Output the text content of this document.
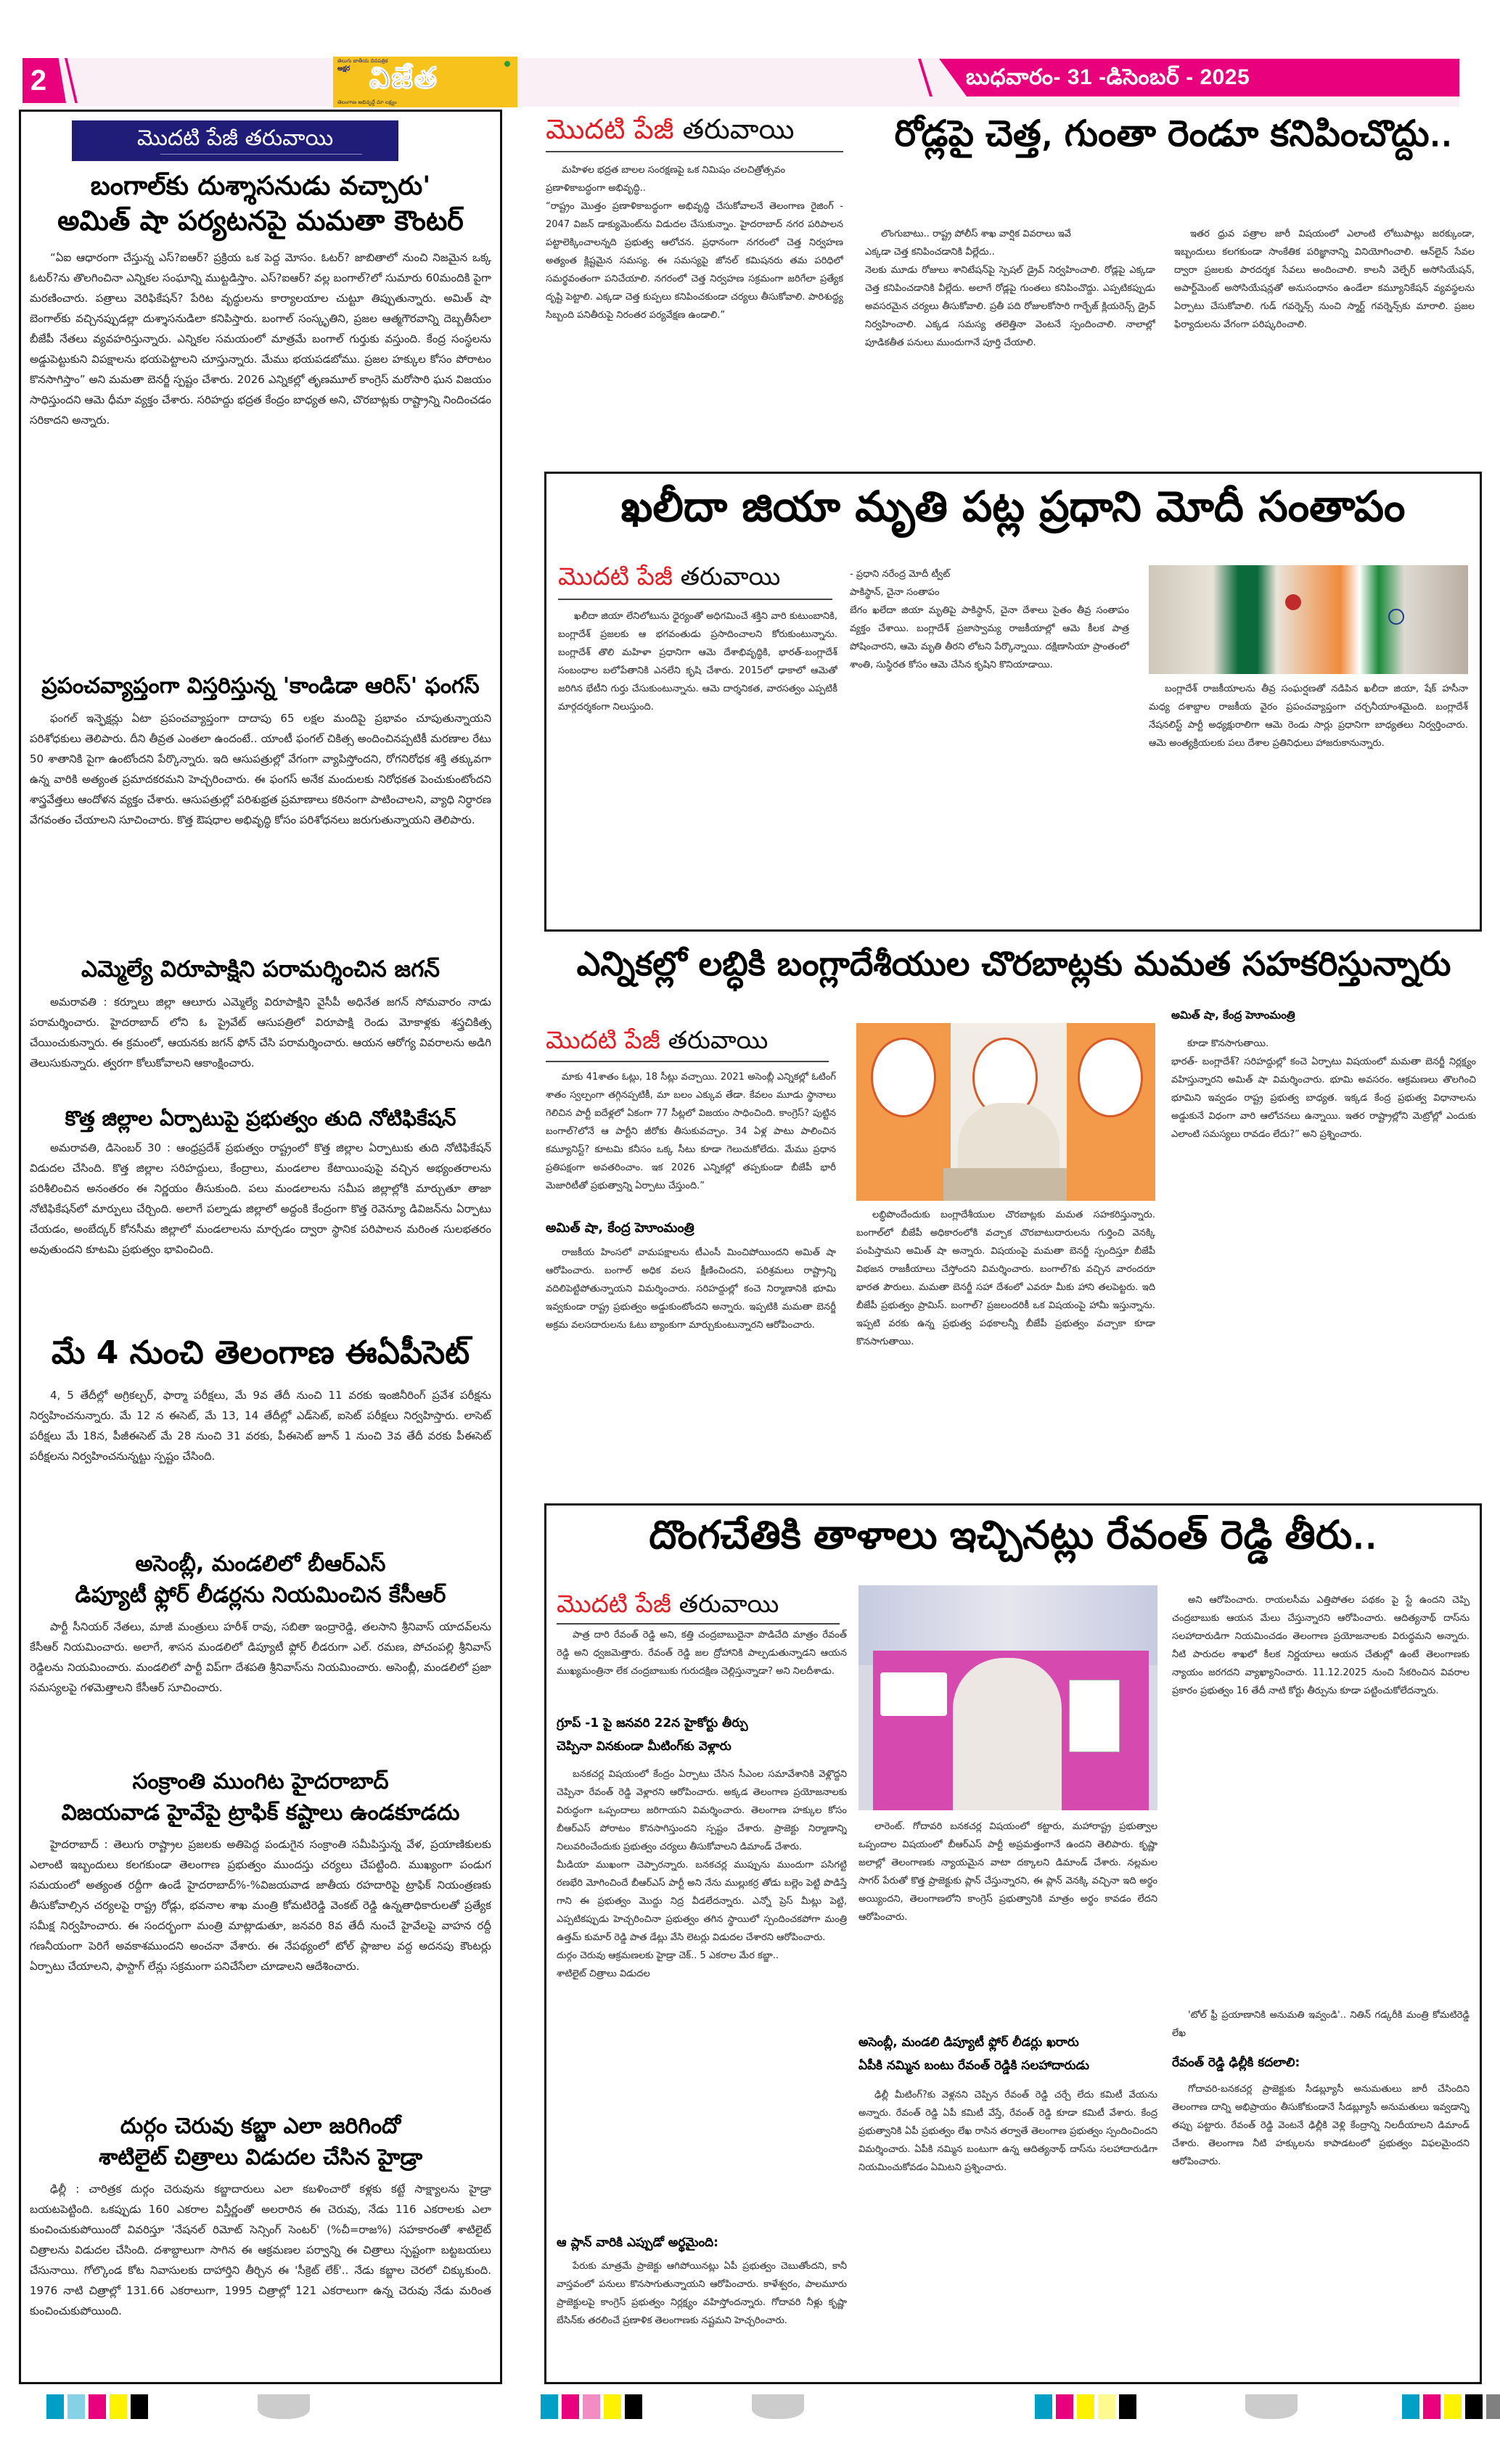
2
తెలుగు జాతీయ దినపత్రిక
అక్షర విజేత
తెలంగాణ అభివృద్ధే మా లక్ష్యం
బుధవారం- 31 -డిసెంబర్ - 2025
మొదటి పేజీ తరువాయి
బంగాల్‌కు దుశ్శాసనుడు వచ్చారు'
అమిత్ షా పర్యటనపై మమతా కౌంటర్

“ఏఐ ఆధారంగా చేస్తున్న ఎస్?ఐఆర్? ప్రక్రియ ఒక పెద్ద మోసం. ఓటర్? జాబితాలో నుంచి నిజమైన ఒక్క ఓటర్?ను తొలగించినా ఎన్నికల సంఘాన్ని ముట్టడిస్తాం. ఎస్?ఐఆర్? వల్ల బంగాల్?లో సుమారు 60మందికి పైగా మరణించారు. పత్రాలు వెరిఫికేషన్? పేరిట వృద్ధులను కార్యాలయాల చుట్టూ తిప్పుతున్నారు. అమిత్ షా బెంగాల్‌కు వచ్చినప్పుడల్లా దుశ్శాసనుడిలా కనిపిస్తారు. బంగాల్ సంస్కృతిని, ప్రజల ఆత్మగౌరవాన్ని దెబ్బతీసేలా బీజేపీ నేతలు వ్యవహరిస్తున్నారు. ఎన్నికల సమయంలో మాత్రమే బంగాల్ గుర్తుకు వస్తుంది. కేంద్ర సంస్థలను అడ్డుపెట్టుకుని విపక్షాలను భయపెట్టాలని చూస్తున్నారు. మేము భయపడబోము. ప్రజల హక్కుల కోసం పోరాటం కొనసాగిస్తాం” అని మమతా బెనర్జీ స్పష్టం చేశారు. 2026 ఎన్నికల్లో తృణమూల్ కాంగ్రెస్ మరోసారి ఘన విజయం సాధిస్తుందని ఆమె ధీమా వ్యక్తం చేశారు. సరిహద్దు భద్రత కేంద్రం బాధ్యత అని, చొరబాట్లకు రాష్ట్రాన్ని నిందించడం సరికాదని అన్నారు.

ప్రపంచవ్యాప్తంగా విస్తరిస్తున్న 'కాండిడా ఆరిస్' ఫంగస్

ఫంగల్ ఇన్ఫెక్షన్లు ఏటా ప్రపంచవ్యాప్తంగా దాదాపు 65 లక్షల మందిపై ప్రభావం చూపుతున్నాయని పరిశోధకులు తెలిపారు. దీని తీవ్రత ఎంతలా ఉందంటే.. యాంటీ ఫంగల్ చికిత్స అందించినప్పటికీ మరణాల రేటు 50 శాతానికి పైగా ఉంటోందని పేర్కొన్నారు. ఇది ఆసుపత్రుల్లో వేగంగా వ్యాపిస్తోందని, రోగనిరోధక శక్తి తక్కువగా ఉన్న వారికి అత్యంత ప్రమాదకరమని హెచ్చరించారు. ఈ ఫంగస్ అనేక మందులకు నిరోధకత పెంచుకుంటోందని శాస్త్రవేత్తలు ఆందోళన వ్యక్తం చేశారు. ఆసుపత్రుల్లో పరిశుభ్రత ప్రమాణాలు కఠినంగా పాటించాలని, వ్యాధి నిర్ధారణ వేగవంతం చేయాలని సూచించారు. కొత్త ఔషధాల అభివృద్ధి కోసం పరిశోధనలు జరుగుతున్నాయని తెలిపారు.

ఎమ్మెల్యే విరూపాక్షిని పరామర్శించిన జగన్

అమరావతి : కర్నూలు జిల్లా ఆలూరు ఎమ్మెల్యే విరూపాక్షిని వైసీపీ అధినేత జగన్ సోమవారం నాడు పరామర్శించారు. హైదరాబాద్ లోని ఓ ప్రైవేట్ ఆసుపత్రిలో విరూపాక్షి రెండు మోకాళ్లకు శస్త్రచికిత్స చేయించుకున్నారు. ఈ క్రమంలో, ఆయనకు జగన్ ఫోన్ చేసి పరామర్శించారు. ఆయన ఆరోగ్య వివరాలను అడిగి తెలుసుకున్నారు. త్వరగా కోలుకోవాలని ఆకాంక్షించారు.

కొత్త జిల్లాల ఏర్పాటుపై ప్రభుత్వం తుది నోటిఫికేషన్

అమరావతి, డిసెంబర్ 30 : ఆంధ్రప్రదేశ్ ప్రభుత్వం రాష్ట్రంలో కొత్త జిల్లాల ఏర్పాటుకు తుది నోటిఫికేషన్ విడుదల చేసింది. కొత్త జిల్లాల సరిహద్దులు, కేంద్రాలు, మండలాల కేటాయింపుపై వచ్చిన అభ్యంతరాలను పరిశీలించిన అనంతరం ఈ నిర్ణయం తీసుకుంది. పలు మండలాలను సమీప జిల్లాల్లోకి మార్చుతూ తాజా నోటిఫికేషన్‌లో మార్పులు చేర్చింది. అలాగే పల్నాడు జిల్లాలో అద్దంకి కేంద్రంగా కొత్త రెవెన్యూ డివిజన్‌ను ఏర్పాటు చేయడం, అంబేద్కర్ కోనసీమ జిల్లాలో మండలాలను మార్చడం ద్వారా స్థానిక పరిపాలన మరింత సులభతరం అవుతుందని కూటమి ప్రభుత్వం భావించింది.

మే 4 నుంచి తెలంగాణ ఈఏపీసెట్

4, 5 తేదీల్లో అగ్రికల్చర్, ఫార్మా పరీక్షలు, మే 9వ తేదీ నుంచి 11 వరకు ఇంజినీరింగ్ ప్రవేశ పరీక్షను నిర్వహించనున్నారు. మే 12 న ఈసెట్, మే 13, 14 తేదీల్లో ఎడ్‌సెట్, ఐసెట్ పరీక్షలు నిర్వహిస్తారు. లాసెట్ పరీక్షలు మే 18న, పీజీఈసెట్ మే 28 నుంచి 31 వరకు, పీఈసెట్ జూన్ 1 నుంచి 3వ తేదీ వరకు పీఈసెట్ పరీక్షలను నిర్వహించనున్నట్టు స్పష్టం చేసింది.

అసెంబ్లీ, మండలిలో బీఆర్ఎస్
డిప్యూటీ ఫ్లోర్ లీడర్లను నియమించిన కేసీఆర్

పార్టీ సీనియర్ నేతలు, మాజీ మంత్రులు హరీశ్ రావు, సబితా ఇంద్రారెడ్డి, తలసాని శ్రీనివాస్ యాదవ్‌లను కేసీఆర్ నియమించారు. అలాగే, శాసన మండలిలో డిప్యూటీ ఫ్లోర్ లీడరుగా ఎల్. రమణ, పోచంపల్లి శ్రీనివాస్ రెడ్డిలను నియమించారు. మండలిలో పార్టీ విప్‌గా దేశపతి శ్రీనివాస్‌ను నియమించారు. అసెంబ్లీ, మండలిలో ప్రజా సమస్యలపై గళమెత్తాలని కేసీఆర్ సూచించారు.

సంక్రాంతి ముంగిట హైదరాబాద్
విజయవాడ హైవేపై ట్రాఫిక్ కష్టాలు ఉండకూడదు

హైదరాబాద్ : తెలుగు రాష్ట్రాల ప్రజలకు అతిపెద్ద పండుగైన సంక్రాంతి సమీపిస్తున్న వేళ, ప్రయాణికులకు ఎలాంటి ఇబ్బందులు కలగకుండా తెలంగాణ ప్రభుత్వం ముందస్తు చర్యలు చేపట్టింది. ముఖ్యంగా పండుగ సమయంలో అత్యంత రద్దీగా ఉండే హైదరాబాద్%-%విజయవాడ జాతీయ రహదారిపై ట్రాఫిక్ నియంత్రణకు తీసుకోవాల్సిన చర్యలపై రాష్ట్ర రోడ్లు, భవనాల శాఖ మంత్రి కోమటిరెడ్డి వెంకట్ రెడ్డి ఉన్నతాధికారులతో ప్రత్యేక సమీక్ష నిర్వహించారు. ఈ సందర్భంగా మంత్రి మాట్లాడుతూ, జనవరి 8వ తేదీ నుంచే హైవేలపై వాహన రద్దీ గణనీయంగా పెరిగే అవకాశముందని అంచనా వేశారు. ఈ నేపథ్యంలో టోల్ ప్లాజాల వద్ద అదనపు కౌంటర్లు ఏర్పాటు చేయాలని, ఫాస్టాగ్ లేన్లు సక్రమంగా పనిచేసేలా చూడాలని ఆదేశించారు.

దుర్గం చెరువు కబ్జా ఎలా జరిగిందో
శాటిలైట్ చిత్రాలు విడుదల చేసిన హైడ్రా

ఢిల్లీ : చారిత్రక దుర్గం చెరువును కబ్జాదారులు ఎలా కబళించారో కళ్లకు కట్టే సాక్ష్యాలను హైడ్రా బయటపెట్టింది. ఒకప్పుడు 160 ఎకరాల విస్తీర్ణంతో అలరారిన ఈ చెరువు, నేడు 116 ఎకరాలకు ఎలా కుంచించుకుపోయిందో వివరిస్తూ 'నేషనల్ రిమోట్ సెన్సింగ్ సెంటర్' (%చీ=రాజ%) సహకారంతో శాటిలైట్ చిత్రాలను విడుదల చేసింది. దశాబ్దాలుగా సాగిన ఈ ఆక్రమణల పర్వాన్ని ఈ చిత్రాలు స్పష్టంగా బట్టబయలు చేసునాయి. గోల్కొండ కోట నివాసులకు దాహార్తిని తీర్చిన ఈ 'సీక్రెట్ లేక్'.. నేడు కబ్జాల చెరలో చిక్కుకుంది. 1976 నాటి చిత్రాల్లో 131.66 ఎకరాలుగా, 1995 చిత్రాల్లో 121 ఎకరాలుగా ఉన్న చెరువు నేడు మరింత కుంచించుకుపోయింది.

మొదటి పేజీ తరువాయి	రోడ్లపై చెత్త, గుంతా రెండూ కనిపించొద్దు..

మహిళల భద్రత బాలల సంరక్షణపై ఒక నిమిషం చలచిత్రోత్సవం
ప్రణాళికాబద్ధంగా అభివృద్ధి..
“రాష్ట్రం మొత్తం ప్రణాళికాబద్ధంగా అభివృద్ధి చేసుకోవాలనే తెలంగాణ రైజింగ్ - 2047 విజన్ డాక్యుమెంట్‌ను విడుదల చేసుకున్నాం. హైదరాబాద్ నగర పరిపాలన పట్టాలెక్కించాలన్నది ప్రభుత్వ ఆలోచన. ప్రధానంగా నగరంలో చెత్త నిర్వహణ అత్యంత క్లిష్టమైన సమస్య. ఈ సమస్యపై జోనల్ కమిషనరు తమ పరిధిలో సమర్థవంతంగా పనిచేయాలి. నగరంలో చెత్త నిర్వహణ సక్రమంగా జరిగేలా ప్రత్యేక దృష్టి పెట్టాలి. ఎక్కడా చెత్త కుప్పలు కనిపించకుండా చర్యలు తీసుకోవాలి. పారిశుద్ధ్య సిబ్బంది పనితీరుపై నిరంతర పర్యవేక్షణ ఉండాలి.”

లొంగుబాటు.. రాష్ట్ర పోలీస్ శాఖ వార్షిక వివరాలు ఇవే
ఎక్కడా చెత్త కనిపించడానికి వీల్లేదు..
నెలకు మూడు రోజులు శానిటేషన్‌పై స్పెషల్ డ్రైవ్ నిర్వహించాలి. రోడ్లపై ఎక్కడా చెత్త కనిపించడానికి వీల్లేదు. అలాగే రోడ్లపై గుంతలు కనిపించొద్దు. ఎప్పటికప్పుడు అవసరమైన చర్యలు తీసుకోవాలి. ప్రతీ పది రోజులకోసారి గార్బేజ్ క్లియరెన్స్ డ్రైవ్ నిర్వహించాలి. ఎక్కడ సమస్య తలెత్తినా వెంటనే స్పందించాలి. నాలాల్లో పూడికతీత పనులు ముందుగానే పూర్తి చేయాలి.

ఇతర ధ్రువ పత్రాల జారీ విషయంలో ఎలాంటి లోటుపాట్లు జరక్కుండా, ఇబ్బందులు కలగకుండా సాంకేతిక పరిజ్ఞానాన్ని వినియోగించాలి. ఆన్‌లైన్ సేవల ద్వారా ప్రజలకు పారదర్శక సేవలు అందించాలి. కాలనీ వెల్ఫేర్ అసోసియేషన్, అపార్ట్‌మెంట్ అసోసియేషన్లతో అనుసంధానం ఉండేలా కమ్యూనికేషన్ వ్యవస్థలను ఏర్పాటు చేసుకోవాలి. గుడ్ గవర్నెన్స్ నుంచి స్మార్ట్ గవర్నెన్స్‌కు మారాలి. ప్రజల ఫిర్యాదులను వేగంగా పరిష్కరించాలి.

ఖలీదా జియా మృతి పట్ల ప్రధాని మోదీ సంతాపం
మొదటి పేజీ తరువాయి

ఖలీదా జియా లేనిలోటును ధైర్యంతో అధిగమించే శక్తిని వారి కుటుంబానికి, బంగ్లాదేశ్ ప్రజలకు ఆ భగవంతుడు ప్రసాదించాలని కోరుకుంటున్నాను. బంగ్లాదేశ్ తొలి మహిళా ప్రధానిగా ఆమె దేశాభివృద్ధికి, భారత్-బంగ్లాదేశ్ సంబంధాల బలోపేతానికి ఎనలేని కృషి చేశారు. 2015లో ఢాకాలో ఆమెతో జరిగిన భేటీని గుర్తు చేసుకుంటున్నాను. ఆమె దార్శనికత, వారసత్వం ఎప్పటికీ మార్గదర్శకంగా నిలుస్తుంది.

- ప్రధాని నరేంద్ర మోదీ ట్వీట్
పాకిస్థాన్, చైనా సంతాపం
బేగం ఖలేదా జియా మృతిపై పాకిస్థాన్, చైనా దేశాలు సైతం తీవ్ర సంతాపం వ్యక్తం చేశాయి. బంగ్లాదేశ్ ప్రజాస్వామ్య రాజకీయాల్లో ఆమె కీలక పాత్ర పోషించారని, ఆమె మృతి తీరని లోటని పేర్కొన్నాయి. దక్షిణాసియా ప్రాంతంలో శాంతి, సుస్థిరత కోసం ఆమె చేసిన కృషిని కొనియాడాయి.

బంగ్లాదేశ్ రాజకీయాలను తీవ్ర సంఘర్షణతో నడిపిన ఖలీదా జియా, షేక్ హసీనా మధ్య దశాబ్దాల రాజకీయ వైరం ప్రపంచవ్యాప్తంగా చర్చనీయాంశమైంది. బంగ్లాదేశ్ నేషనలిస్ట్ పార్టీ అధ్యక్షురాలిగా ఆమె రెండు సార్లు ప్రధానిగా బాధ్యతలు నిర్వర్తించారు. ఆమె అంత్యక్రియలకు పలు దేశాల ప్రతినిధులు హాజరుకానున్నారు.

ఎన్నికల్లో లబ్ధికి బంగ్లాదేశీయుల చొరబాట్లకు మమత సహకరిస్తున్నారు
మొదటి పేజీ తరువాయి

మాకు 41శాతం ఓట్లు, 18 సీట్లు వచ్చాయి. 2021 అసెంబ్లీ ఎన్నికల్లో ఓటింగ్ శాతం స్వల్పంగా తగ్గినప్పటికీ, మా బలం ఎక్కువ తేడా. కేవలం మూడు స్థానాలు గెలిచిన పార్టీ ఐదేళ్లలో ఏకంగా 77 సీట్లలో విజయం సాధించింది. కాంగ్రెస్? పుట్టిన బంగాల్?లోనే ఆ పార్టీని జీరోకు తీసుకువచ్చాం. 34 ఏళ్ల పాటు పాలించిన కమ్యూనిస్ట్? కూటమి కనీసం ఒక్క సీటు కూడా గెలుచుకోలేదు. మేము ప్రధాన ప్రతిపక్షంగా అవతరించాం. ఇక 2026 ఎన్నికల్లో తప్పకుండా బీజేపీ భారీ మెజారిటీతో ప్రభుత్వాన్ని ఏర్పాటు చేస్తుంది.”

అమిత్ షా, కేంద్ర హెూంమంత్రి

రాజకీయ హింసలో వామపక్షాలను టీఎంసీ మించిపోయిందని అమిత్ షా ఆరోపించారు. బంగాల్ అధిక వలస క్షీణించిందని, పరిశ్రమలు రాష్ట్రాన్ని వదిలిపెట్టిపోతున్నాయని విమర్శించారు. సరిహద్దుల్లో కంచె నిర్మాణానికి భూమి ఇవ్వకుండా రాష్ట్ర ప్రభుత్వం అడ్డుకుంటోందని అన్నారు. ఇప్పటికి మమతా బెనర్జీ అక్రమ వలసదారులను ఓటు బ్యాంకుగా మార్చుకుంటున్నారని ఆరోపించారు.

లబ్ధిపొందేందుకు బంగ్లాదేశీయుల చొరబాట్లకు మమత సహకరిస్తున్నారు. బంగాల్‌లో బీజేపీ అధికారంలోకి వచ్చాక చొరబాటుదారులను గుర్తించి వెనక్కి పంపిస్తామని అమిత్ షా అన్నారు. విషయంపై మమతా బెనర్జీ స్పందిస్తూ బీజేపీ విభజన రాజకీయాలు చేస్తోందని విమర్శించారు. బంగాల్?కు వచ్చిన వారందరూ భారత పౌరులు. మమతా బెనర్జీ సహా దేశంలో ఎవరూ మీకు హాని తలపెట్టరు. ఇది బీజేపీ ప్రభుత్వం ప్రామిస్. బంగాల్? ప్రజలందరికీ ఒక విషయంపై హామీ ఇస్తున్నాను. ఇప్పటి వరకు ఉన్న ప్రభుత్వ పథకాలన్నీ బీజేపీ ప్రభుత్వం వచ్చాకా కూడా కొనసాగుతాయి.

అమిత్ షా, కేంద్ర హెూంమంత్రి

కూడా కొనసాగుతాయి.
భారత్- బంగ్లాదేశ్? సరిహద్దుల్లో కంచె ఏర్పాటు విషయంలో మమతా బెనర్జీ నిర్లక్ష్యం వహిస్తున్నారని అమిత్ షా విమర్శించారు. భూమి అవసరం. ఆక్రమణలు తొలగించి భూమిని ఇవ్వడం రాష్ట్ర ప్రభుత్వ బాధ్యత. ఇక్కడ కేంద్ర ప్రభుత్వ విధానాలను అడ్డుకునే విధంగా వారి ఆలోచనలు ఉన్నాయి. ఇతర రాష్ట్రాల్లోని మెట్రోల్లో ఎందుకు ఎలాంటి సమస్యలు రావడం లేదు?” అని ప్రశ్నించారు.

దొంగచేతికి తాళాలు ఇచ్చినట్లు రేవంత్ రెడ్డి తీరు..
మొదటి పేజీ తరువాయి

పాత్ర దారి రేవంత్ రెడ్డి అని, కత్తి చంద్రబాబుదైనా పొడిచేది మాత్రం రేవంత్ రెడ్డి అని ధ్వజమెత్తారు. రేవంత్ రెడ్డి జల ద్రోహానికి పాల్పడుతున్నాడని ఆయన ముఖ్యమంత్రినా లేక చంద్రబాబుకు గురుదక్షిణ చెల్లిస్తున్నాడా? అని నిలదీశాడు.

గ్రూప్ -1 పై జనవరి 22న హైకోర్టు తీర్పు
చెప్పినా వినకుండా మీటింగ్‌కు వెళ్లారు

బనకచర్ల విషయంలో కేంద్రం ఏర్పాటు చేసిన సీఎంల సమావేశానికి వెళ్లొద్దని చెప్పినా రేవంత్ రెడ్డి వెళ్లారని ఆరోపించారు. అక్కడ తెలంగాణ ప్రయోజనాలకు విరుద్ధంగా ఒప్పందాలు జరిగాయని విమర్శించారు. తెలంగాణ హక్కుల కోసం బీఆర్ఎస్ పోరాటం కొనసాగిస్తుందని స్పష్టం చేశారు. ప్రాజెక్టు నిర్మాణాన్ని నిలువరించేందుకు ప్రభుత్వం చర్యలు తీసుకోవాలని డిమాండ్ చేశారు.
మీడియా ముఖంగా చెప్పారన్నారు. బనకచర్ల ముప్పును ముందుగా పసిగట్టి రణభేరి మోగించిందే బీఆర్ఎస్ పార్టీ అని నేను ముల్లుకర్ర తోడు బల్లెం పెట్టి పొడిస్తే గాని ఈ ప్రభుత్వం మొద్దు నిద్ర వీడలేదన్నారు. ఎన్నో ప్రెస్ మీట్లు పెట్టి, ఎప్పటికప్పుడు హెచ్చరించినా ప్రభుత్వం తగిన స్థాయిలో స్పందించకపోగా మంత్రి ఉత్తమ్ కుమార్ రెడ్డి పాత డేట్లు వేసి లెటర్లు విడుదల చేశారని ఆరోపించారు.
దుర్గం చెరువు ఆక్రమణలకు హైడ్రా చెక్.. 5 ఎకరాల మేర కబ్జా..
శాటిలైట్ చిత్రాలు విడుదల

ఆ ప్లాన్ వారికి ఎప్పుడో అర్థమైంది:

పేరుకు మాత్రమే ప్రాజెక్టు ఆగిపోయినట్లు ఏపీ ప్రభుత్వం చెబుతోందని, కానీ వాస్తవంలో పనులు కొనసాగుతున్నాయని ఆరోపించారు. కాళేశ్వరం, పాలమూరు ప్రాజెక్టులపై కాంగ్రెస్ ప్రభుత్వం నిర్లక్ష్యం వహిస్తోందన్నారు. గోదావరి నీళ్లు కృష్ణా బేసిన్‌కు తరలించే ప్రణాళిక తెలంగాణకు నష్టమని హెచ్చరించారు.

లారెంట్. గోదావరి బనకచర్ల విషయంలో కట్టారు, మహారాష్ట్ర ప్రభుత్వాల ఒప్పందాల విషయంలో బీఆర్ఎస్ పార్టీ అప్రమత్తంగానే ఉందని తెలిపారు. కృష్ణా జలాల్లో తెలంగాణకు న్యాయమైన వాటా దక్కాలని డిమాండ్ చేశారు. నల్లమల సాగర్ పేరుతో కొత్త ప్రాజెక్టుకు ప్లాన్ చేస్తున్నారని, ఈ ప్లాన్ వెనక్కి వచ్చినా ఇది అర్థం అయ్యిందని, తెలంగాణలోని కాంగ్రెస్ ప్రభుత్వానికి మాత్రం అర్థం కావడం లేదని ఆరోపించారు.

అసెంబ్లీ, మండలి డిప్యూటీ ఫ్లోర్ లీడర్లు ఖరారు
ఏపీకి నమ్మిన బంటు రేవంత్ రెడ్డికి సలహాదారుడు

ఢిల్లీ మీటింగ్?కు వెళ్లనని చెప్పిన రేవంత్ రెడ్డి చర్చే లేదు కమిటీ వేయను అన్నారు. రేవంత్ రెడ్డి ఏపీ కమిటీ వేస్తే, రేవంత్ రెడ్డి కూడా కమిటీ వేశారు. కేంద్ర ప్రభుత్వానికి ఏపీ ప్రభుత్వం లేఖ రాసిన తర్వాతే తెలంగాణ ప్రభుత్వం స్పందించిందని విమర్శించారు. ఏపీకి నమ్మిన బంటుగా ఉన్న ఆదిత్యనాథ్ దాస్‌ను సలహాదారుడిగా నియమించుకోవడం ఏమిటని ప్రశ్నించారు.

అని ఆరోపించారు. రాయలసీమ ఎత్తిపోతల పథకం పై స్టే ఉందని చెప్పి చంద్రబాబుకు ఆయన మేలు చేస్తున్నారని ఆరోపించారు. ఆదిత్యనాథ్ దాస్‌ను సలహాదారుడిగా నియమించడం తెలంగాణ ప్రయోజనాలకు విరుద్ధమని అన్నారు. నీటి పారుదల శాఖలో కీలక నిర్ణయాలు ఆయన చేతుల్లో ఉంటే తెలంగాణకు న్యాయం జరగదని వ్యాఖ్యానించారు. 11.12.2025 నుంచి సేకరించిన వివరాల ప్రకారం ప్రభుత్వం 16 తేదీ నాటి కోర్టు తీర్పును కూడా పట్టించుకోలేదన్నారు.

'టోల్ ఫ్రీ ప్రయాణానికి అనుమతి ఇవ్వండి'.. నితిన్ గడ్కరీకి మంత్రి కోమటిరెడ్డి లేఖ

రేవంత్ రెడ్డి ఢిల్లీకి కదలాలి:

గోదావరి-బనకచర్ల ప్రాజెక్టుకు సీడబ్ల్యూసీ అనుమతులు జారీ చేసిందిని తెలంగాణ దాన్ని అభిప్రాయం తీసుకోకుండానే సీడబ్ల్యూసీ అనుమతులు ఇవ్వడాన్ని తప్పు పట్టారు. రేవంత్ రెడ్డి వెంటనే ఢిల్లీకి వెళ్లి కేంద్రాన్ని నిలదీయాలని డిమాండ్ చేశారు. తెలంగాణ నీటి హక్కులను కాపాడటంలో ప్రభుత్వం విఫలమైందని ఆరోపించారు.
